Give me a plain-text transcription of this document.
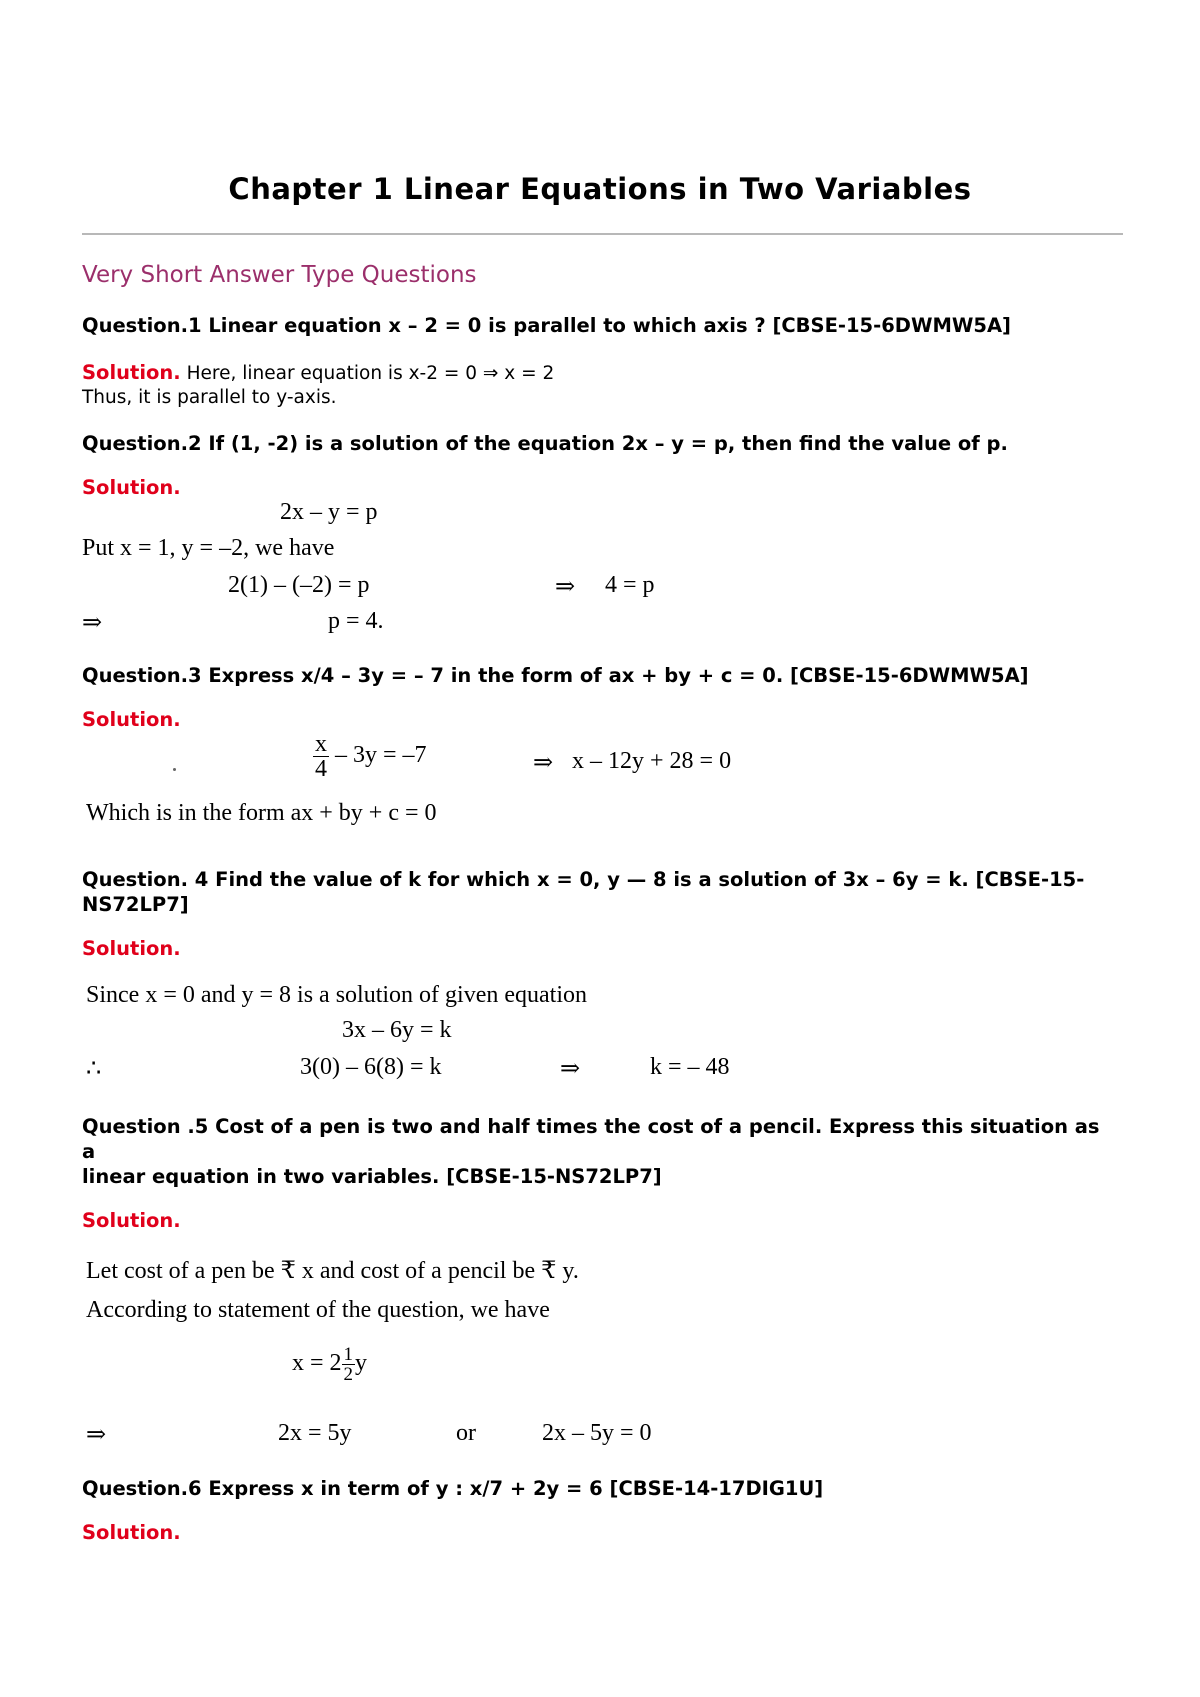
Chapter 1 Linear Equations in Two Variables
Very Short Answer Type Questions
Question.1 Linear equation x – 2 = 0 is parallel to which axis ? [CBSE-15-6DWMW5A]
Solution. Here, linear equation is x-2 = 0 ⇒ x = 2
Thus, it is parallel to y-axis.
Question.2 If (1, -2) is a solution of the equation 2x – y = p, then find the value of p.
Solution.
2x – y = p
Put x = 1, y = –2, we have
2(1) – (–2) = p	⇒ 4 = p
⇒	p = 4.
Question.3 Express x/4 – 3y = – 7 in the form of ax + by + c = 0. [CBSE-15-6DWMW5A]
Solution.
$\frac{x}{4} - 3y = -7$	⇒ x – 12y + 28 = 0
Which is in the form ax + by + c = 0
Question. 4 Find the value of k for which x = 0, y — 8 is a solution of 3x – 6y = k. [CBSE-15-
NS72LP7]
Solution.
Since x = 0 and y = 8 is a solution of given equation
3x – 6y = k
∴	3(0) – 6(8) = k	⇒	k = – 48
Question .5 Cost of a pen is two and half times the cost of a pencil. Express this situation as
a
linear equation in two variables. [CBSE-15-NS72LP7]
Solution.
Let cost of a pen be ₹ x and cost of a pencil be ₹ y.
According to statement of the question, we have
$x = 2 \frac{1}{2}$ y
⇒	2x = 5y	or	2x – 5y = 0
Question.6 Express x in term of y : x/7 + 2y = 6 [CBSE-14-17DIG1U]
Solution.
